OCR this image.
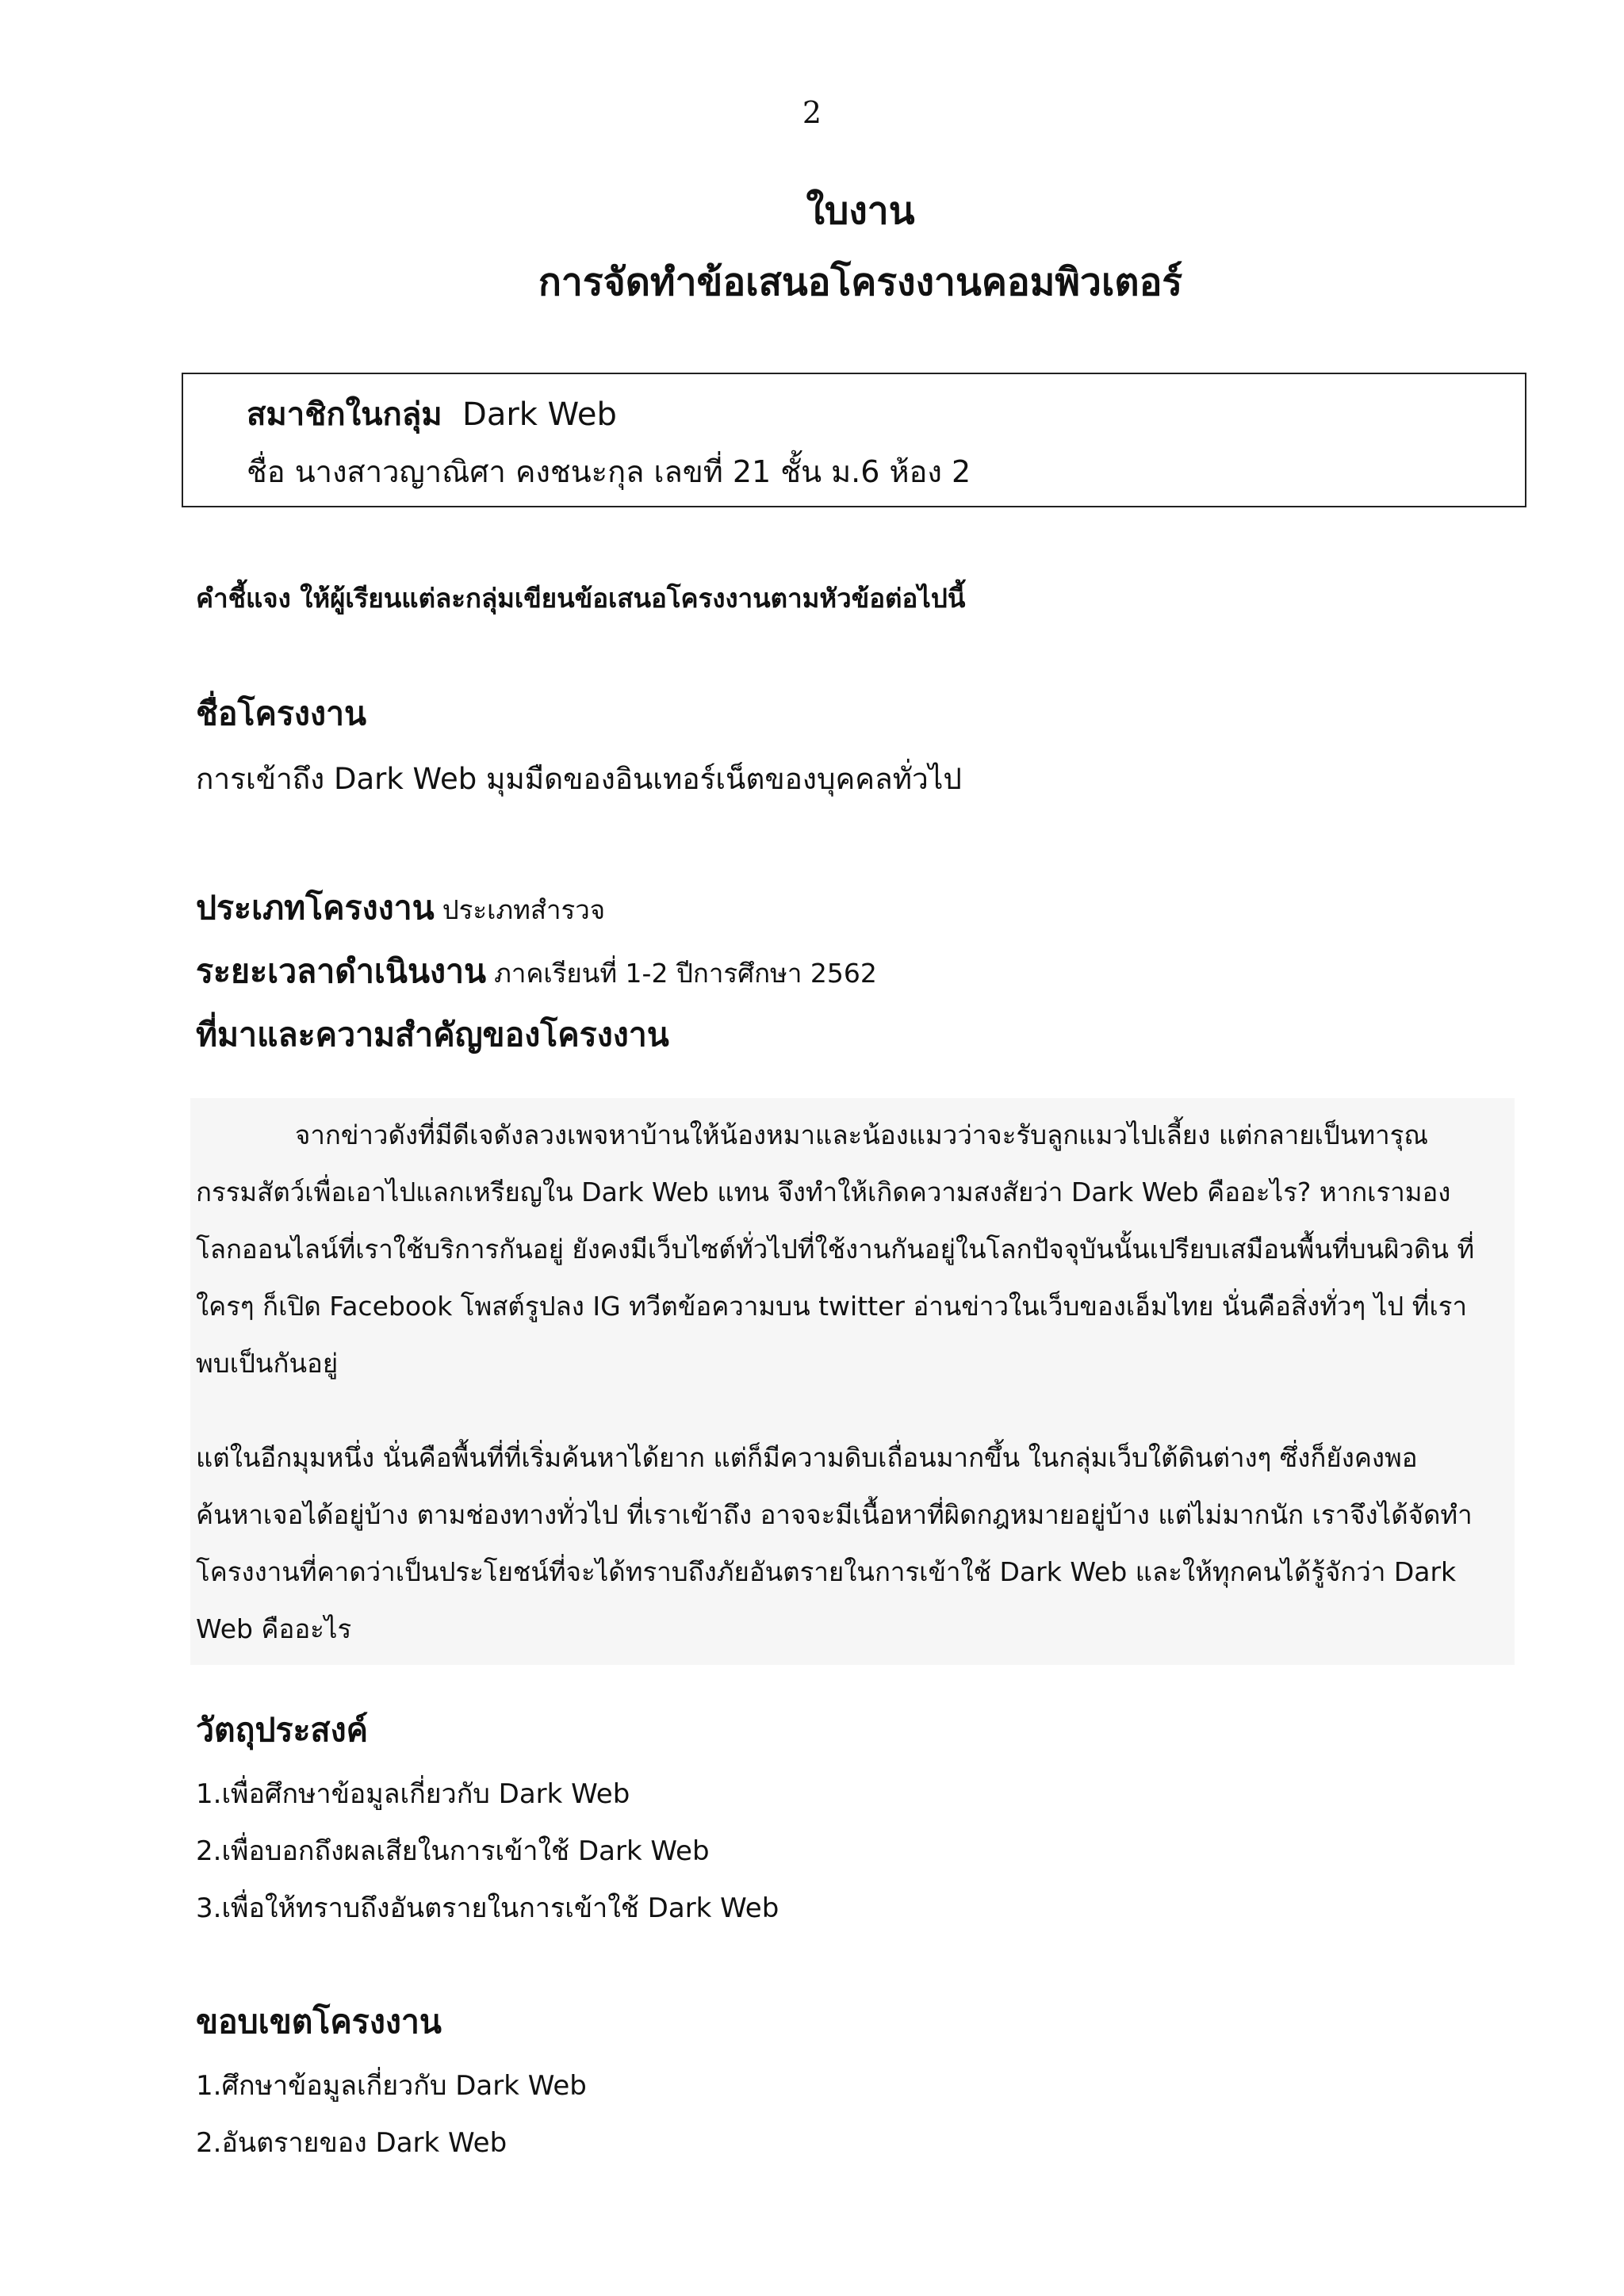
2
ใบงาน
การจัดทำข้อเสนอโครงงานคอมพิวเตอร์
สมาชิกในกลุ่ม Dark Web
ชื่อ นางสาวญาณิศา คงชนะกุล เลขที่ 21 ชั้น ม.6 ห้อง 2
คำชี้แจง ให้ผู้เรียนแต่ละกลุ่มเขียนข้อเสนอโครงงานตามหัวข้อต่อไปนี้
ชื่อโครงงาน
การเข้าถึง Dark Web มุมมืดของอินเทอร์เน็ตของบุคคลทั่วไป
ประเภทโครงงาน ประเภทสำรวจ
ระยะเวลาดำเนินงาน ภาคเรียนที่ 1-2 ปีการศึกษา 2562
ที่มาและความสำคัญของโครงงาน
จากข่าวดังที่มีดีเจดังลวงเพจหาบ้านให้น้องหมาและน้องแมวว่าจะรับลูกแมวไปเลี้ยง แต่กลายเป็นทารุณ
กรรมสัตว์เพื่อเอาไปแลกเหรียญใน Dark Web แทน จึงทำให้เกิดความสงสัยว่า Dark Web คืออะไร? หากเรามอง
โลกออนไลน์ที่เราใช้บริการกันอยู่ ยังคงมีเว็บไซต์ทั่วไปที่ใช้งานกันอยู่ในโลกปัจจุบันนั้นเปรียบเสมือนพื้นที่บนผิวดิน ที่
ใครๆ ก็เปิด Facebook โพสต์รูปลง IG ทวีตข้อความบน twitter อ่านข่าวในเว็บของเอ็มไทย นั่นคือสิ่งทั่วๆ ไป ที่เรา
พบเป็นกันอยู่
แต่ในอีกมุมหนึ่ง นั่นคือพื้นที่ที่เริ่มค้นหาได้ยาก แต่ก็มีความดิบเถื่อนมากขึ้น ในกลุ่มเว็บใต้ดินต่างๆ ซึ่งก็ยังคงพอ
ค้นหาเจอได้อยู่บ้าง ตามช่องทางทั่วไป ที่เราเข้าถึง อาจจะมีเนื้อหาที่ผิดกฎหมายอยู่บ้าง แต่ไม่มากนัก เราจึงได้จัดทำ
โครงงานที่คาดว่าเป็นประโยชน์ที่จะได้ทราบถึงภัยอันตรายในการเข้าใช้ Dark Web และให้ทุกคนได้รู้จักว่า Dark
Web คืออะไร
วัตถุประสงค์
1.เพื่อศึกษาข้อมูลเกี่ยวกับ Dark Web
2.เพื่อบอกถึงผลเสียในการเข้าใช้ Dark Web
3.เพื่อให้ทราบถึงอันตรายในการเข้าใช้ Dark Web
ขอบเขตโครงงาน
1.ศึกษาข้อมูลเกี่ยวกับ Dark Web
2.อันตรายของ Dark Web
